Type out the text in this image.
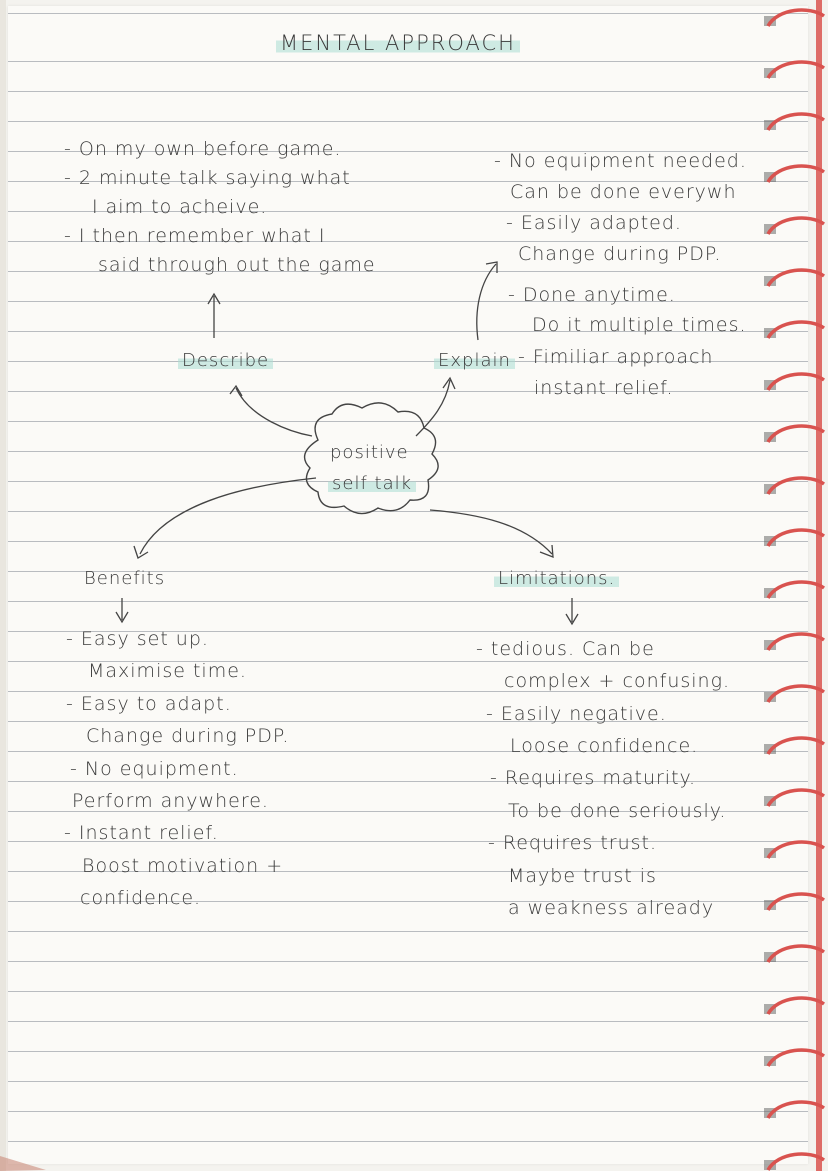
MENTAL APPROACH
- On my own before game.
- 2 minute talk saying what
I aim to acheive.
- I then remember what I
said through out the game
- No equipment needed.
Can be done everywh
- Easily adapted.
Change during PDP.
- Done anytime.
Do it multiple times.
- Fimiliar approach
instant relief.
Describe	Explain
positive
self talk
Benefits	Limitations.
- Easy set up.
Maximise time.
- Easy to adapt.
Change during PDP.
- No equipment.
Perform anywhere.
- Instant relief.
Boost motivation +
confidence.
- tedious. Can be
complex + confusing.
- Easily negative.
Loose confidence.
- Requires maturity.
To be done seriously.
- Requires trust.
Maybe trust is
a weakness already
